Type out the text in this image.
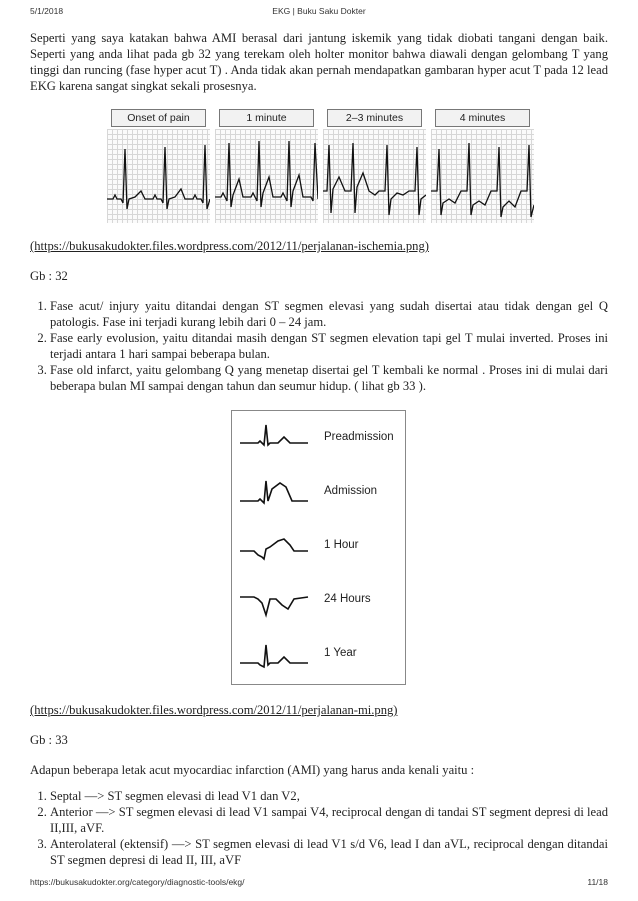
5/1/2018	EKG | Buku Saku Dokter

Seperti yang saya katakan bahwa AMI berasal dari jantung iskemik yang tidak diobati tangani dengan baik. Seperti yang anda lihat pada gb 32 yang terekam oleh holter monitor bahwa diawali dengan gelombang T yang tinggi dan runcing (fase hyper acut T) . Anda tidak akan pernah mendapatkan gambaran hyper acut T pada 12 lead EKG karena sangat singkat sekali prosesnya.

Onset of pain	1 minute	2–3 minutes	4 minutes

(https://bukusakudokter.files.wordpress.com/2012/11/perjalanan-ischemia.png)

Gb : 32

1. Fase acut/ injury yaitu ditandai dengan ST segmen elevasi yang sudah disertai atau tidak dengan gel Q patologis. Fase ini terjadi kurang lebih dari 0 – 24 jam.
2. Fase early evolusion, yaitu ditandai masih dengan ST segmen elevation tapi gel T mulai inverted. Proses ini terjadi antara 1 hari sampai beberapa bulan.
3. Fase old infarct, yaitu gelombang Q yang menetap disertai gel T kembali ke normal . Proses ini di mulai dari beberapa bulan MI sampai dengan tahun dan seumur hidup. ( lihat gb 33 ).
Preadmission
Admission
1 Hour
24 Hours
1 Year

(https://bukusakudokter.files.wordpress.com/2012/11/perjalanan-mi.png)

Gb : 33

Adapun beberapa letak acut myocardiac infarction (AMI) yang harus anda kenali yaitu :

1. Septal —> ST segmen elevasi di lead V1 dan V2,
2. Anterior —> ST segmen elevasi di lead V1 sampai V4, reciprocal dengan di tandai ST segment depresi di lead II,III, aVF.
3. Anterolateral (ektensif) —> ST segmen elevasi di lead V1 s/d V6, lead I dan aVL, reciprocal dengan ditandai ST segmen depresi di lead II, III, aVF
https://bukusakudokter.org/category/diagnostic-tools/ekg/	11/18
